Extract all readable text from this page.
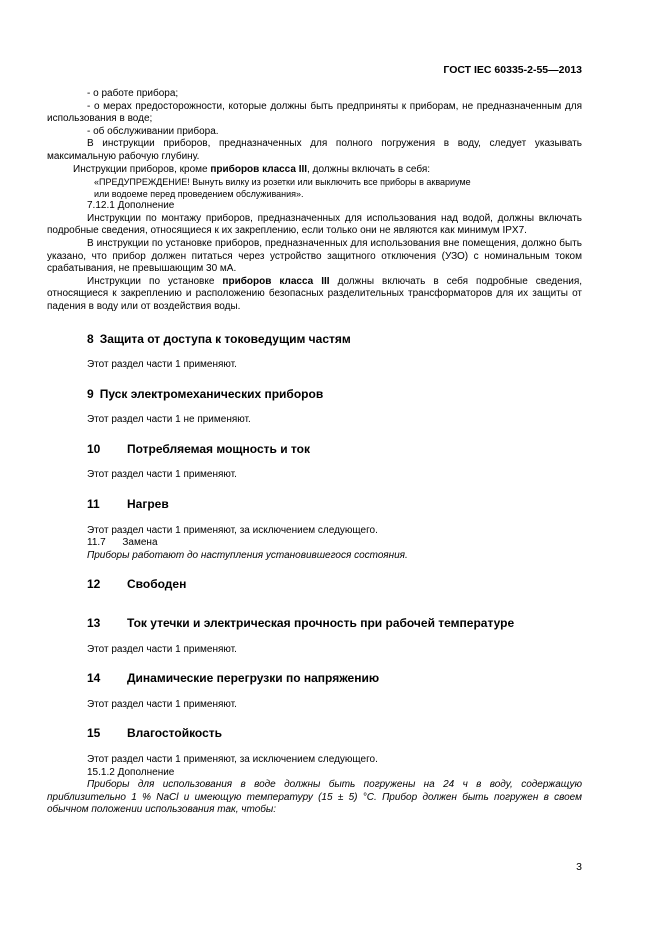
ГОСТ IEC 60335-2-55—2013

- о работе прибора;

- о мерах предосторожности, которые должны быть предприняты к приборам, не предназначенным для использования в воде;

- об обслуживании прибора.

В инструкции приборов, предназначенных для полного погружения в воду, следует указывать максимальную рабочую глубину.

Инструкции приборов, кроме приборов класса III, должны включать в себя:

«ПРЕДУПРЕЖДЕНИЕ! Вынуть вилку из розетки или выключить все приборы в аквариуме

или водоеме перед проведением обслуживания».

7.12.1 Дополнение

Инструкции по монтажу приборов, предназначенных для использования над водой, должны включать подробные сведения, относящиеся к их закреплению, если только они не являются как минимум IPX7.

В инструкции по установке приборов, предназначенных для использования вне помещения, должно быть указано, что прибор должен питаться через устройство защитного отключения (УЗО) с номинальным током срабатывания, не превышающим 30 мА.

Инструкции по установке приборов класса III должны включать в себя подробные сведения, относящиеся к закреплению и расположению безопасных разделительных трансформаторов для их защиты от падения в воду или от воздействия воды.

8 Защита от доступа к токоведущим частям

Этот раздел части 1 применяют.

9 Пуск электромеханических приборов

Этот раздел части 1 не применяют.

10 Потребляемая мощность и ток

Этот раздел части 1 применяют.

11 Нагрев

Этот раздел части 1 применяют, за исключением следующего.

11.7      Замена

Приборы работают до наступления установившегося состояния.

12 Свободен

13 Ток утечки и электрическая прочность при рабочей температуре

Этот раздел части 1 применяют.

14 Динамические перегрузки по напряжению

Этот раздел части 1 применяют.

15 Влагостойкость

Этот раздел части 1 применяют, за исключением следующего.

15.1.2 Дополнение

Приборы для использования в воде должны быть погружены на 24 ч в воду, содержащую приблизительно 1 % NaCl и имеющую температуру (15 ± 5) °С. Прибор должен быть погружен в своем обычном положении использования так, чтобы:

3
